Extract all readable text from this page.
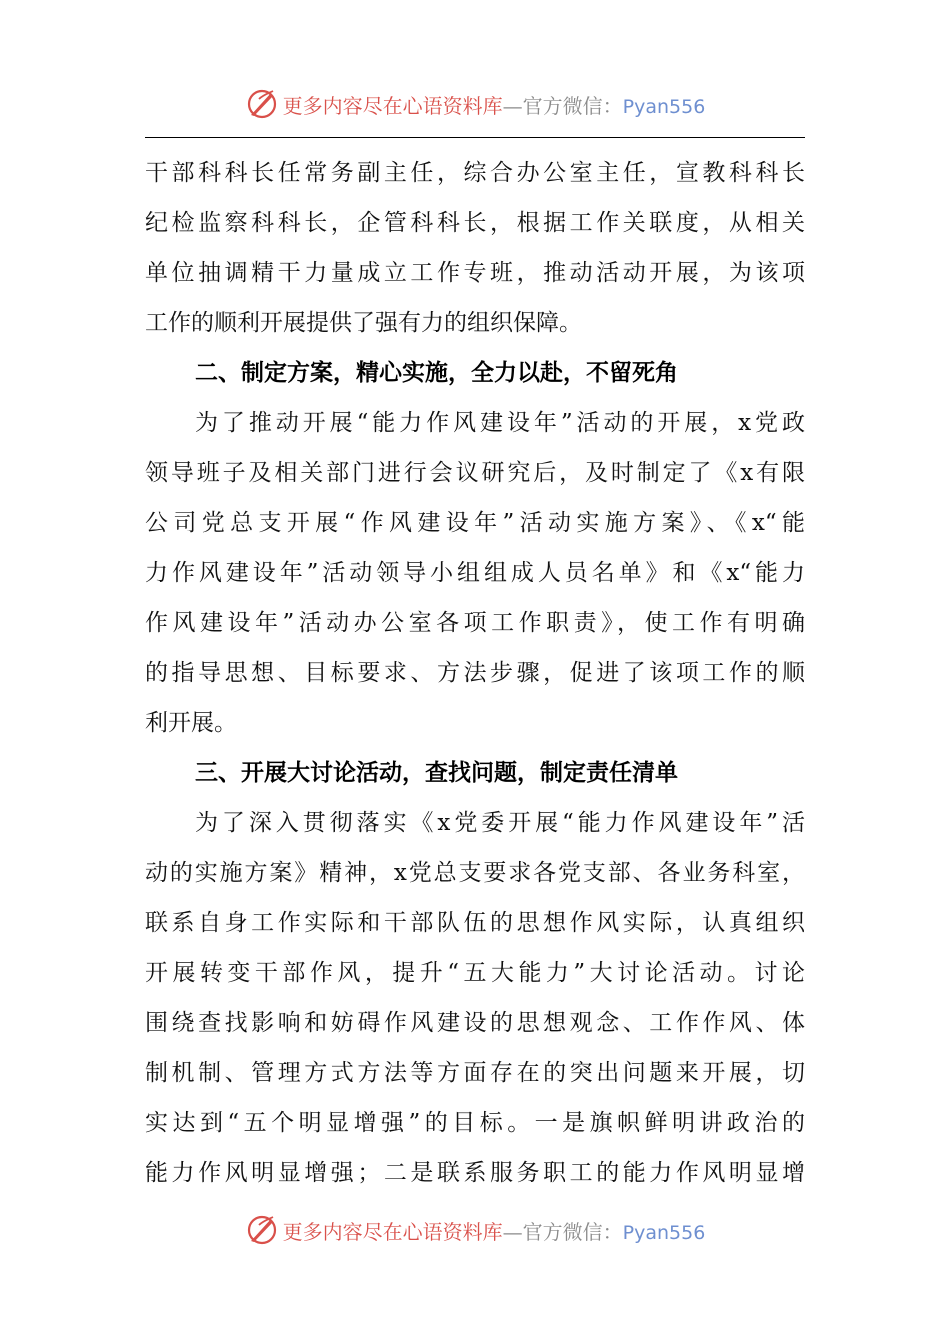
更多内容尽在心语资料库—官方微信：Pyan556
干部科科长任常务副主任，综合办公室主任，宣教科科长
纪检监察科科长，企管科科长，根据工作关联度，从相关
单位抽调精干力量成立工作专班，推动活动开展，为该项
工作的顺利开展提供了强有力的组织保障。
二、制定方案，精心实施，全力以赴，不留死角
为了推动开展“能力作风建设年”活动的开展，x党政
领导班子及相关部门进行会议研究后，及时制定了《x有限
公司党总支开展“作风建设年”活动实施方案》、《x“能
力作风建设年”活动领导小组组成人员名单》和《x“能力
作风建设年”活动办公室各项工作职责》，使工作有明确
的指导思想、目标要求、方法步骤，促进了该项工作的顺
利开展。
三、开展大讨论活动，查找问题，制定责任清单
为了深入贯彻落实《x党委开展“能力作风建设年”活
动的实施方案》精神，x党总支要求各党支部、各业务科室，
联系自身工作实际和干部队伍的思想作风实际，认真组织
开展转变干部作风，提升“五大能力”大讨论活动。讨论
围绕查找影响和妨碍作风建设的思想观念、工作作风、体
制机制、管理方式方法等方面存在的突出问题来开展，切
实达到“五个明显增强”的目标。一是旗帜鲜明讲政治的
能力作风明显增强；二是联系服务职工的能力作风明显增
更多内容尽在心语资料库—官方微信：Pyan556
